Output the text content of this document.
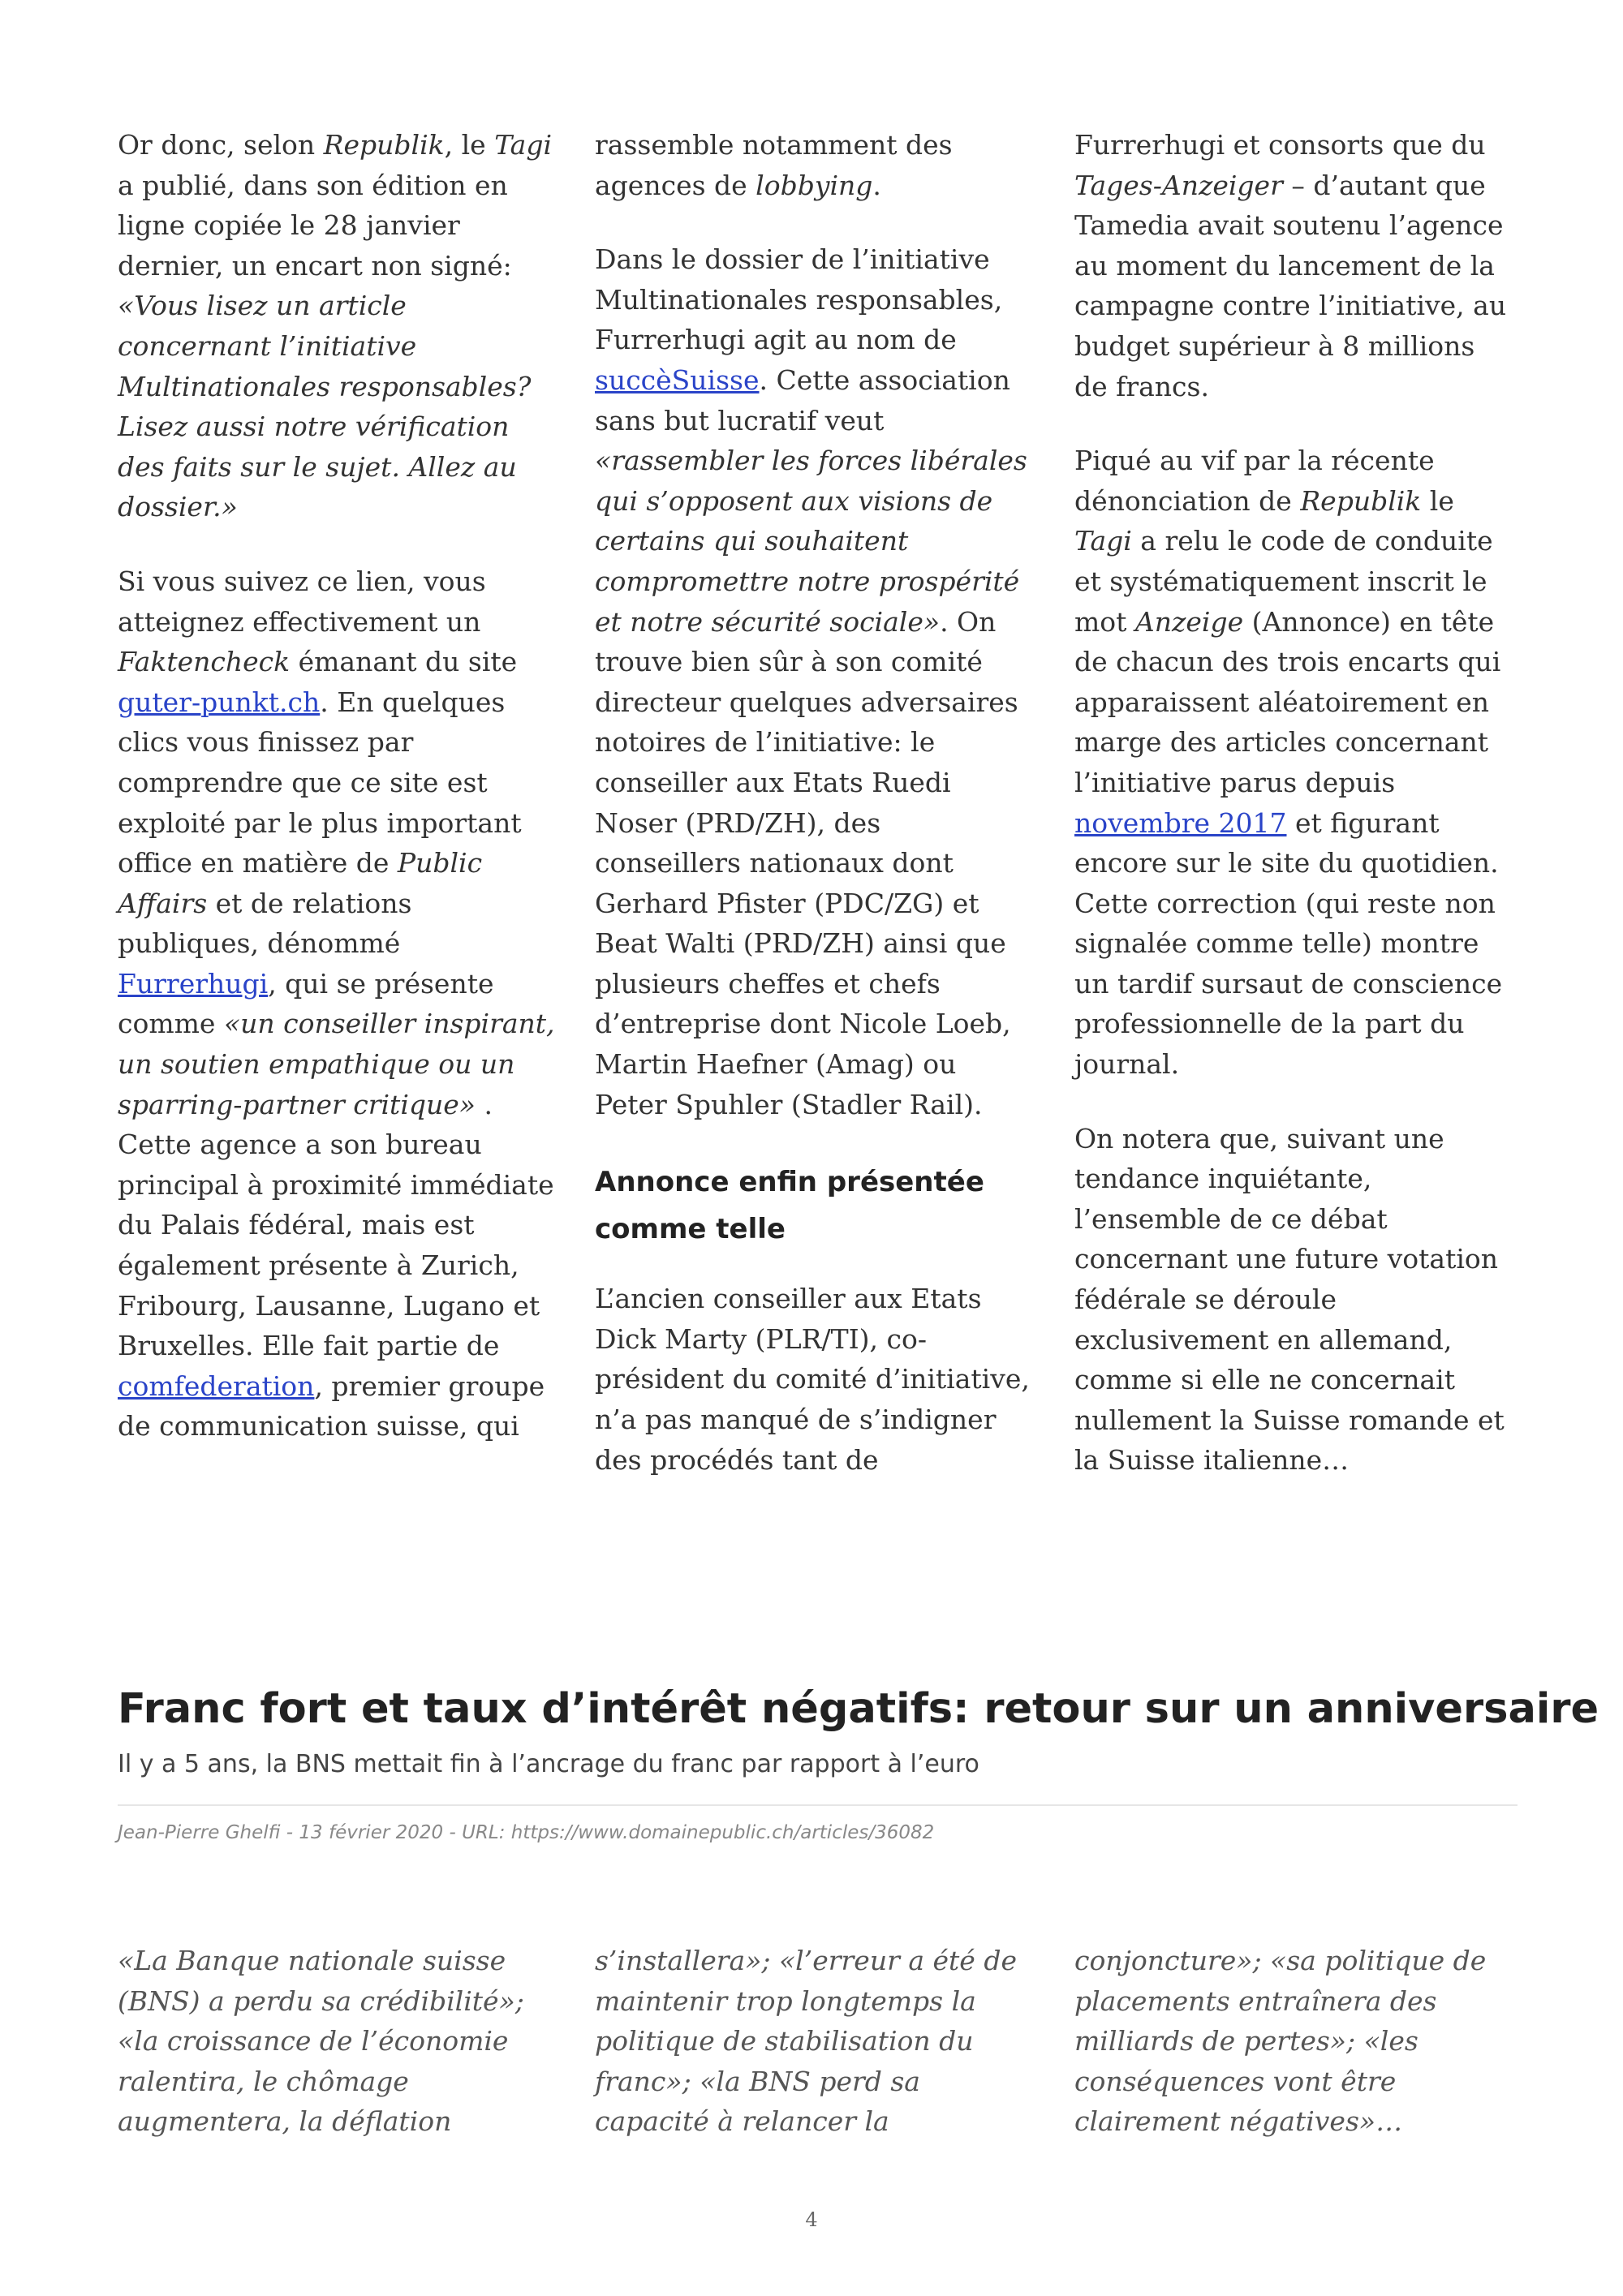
Or donc, selon Republik, le Tagi a publié, dans son édition en ligne copiée le 28 janvier dernier, un encart non signé: «Vous lisez un article concernant l’initiative Multinationales responsables? Lisez aussi notre vérification des faits sur le sujet. Allez au dossier.»

Si vous suivez ce lien, vous atteignez effectivement un Faktencheck émanant du site guter-punkt.ch. En quelques clics vous finissez par comprendre que ce site est exploité par le plus important office en matière de Public Affairs et de relations publiques, dénommé Furrerhugi, qui se présente comme «un conseiller inspirant, un soutien empathique ou un sparring-partner critique» . Cette agence a son bureau principal à proximité immédiate du Palais fédéral, mais est également présente à Zurich, Fribourg, Lausanne, Lugano et Bruxelles. Elle fait partie de comfederation, premier groupe de communication suisse, qui

rassemble notamment des agences de lobbying.

Dans le dossier de l’initiative Multinationales responsables, Furrerhugi agit au nom de succèSuisse. Cette association sans but lucratif veut «rassembler les forces libérales qui s’opposent aux visions de certains qui souhaitent compromettre notre prospérité et notre sécurité sociale». On trouve bien sûr à son comité directeur quelques adversaires notoires de l’initiative: le conseiller aux Etats Ruedi Noser (PRD/ZH), des conseillers nationaux dont Gerhard Pfister (PDC/ZG) et Beat Walti (PRD/ZH) ainsi que plusieurs cheffes et chefs d’entreprise dont Nicole Loeb, Martin Haefner (Amag) ou Peter Spuhler (Stadler Rail).

Annonce enfin présentée comme telle

L’ancien conseiller aux Etats Dick Marty (PLR/TI), co-président du comité d’initiative, n’a pas manqué de s’indigner des procédés tant de

Furrerhugi et consorts que du Tages-Anzeiger – d’autant que Tamedia avait soutenu l’agence au moment du lancement de la campagne contre l’initiative, au budget supérieur à 8 millions de francs.

Piqué au vif par la récente dénonciation de Republik le Tagi a relu le code de conduite et systématiquement inscrit le mot Anzeige (Annonce) en tête de chacun des trois encarts qui apparaissent aléatoirement en marge des articles concernant l’initiative parus depuis novembre 2017 et figurant encore sur le site du quotidien. Cette correction (qui reste non signalée comme telle) montre un tardif sursaut de conscience professionnelle de la part du journal.

On notera que, suivant une tendance inquiétante, l’ensemble de ce débat concernant une future votation fédérale se déroule exclusivement en allemand, comme si elle ne concernait nullement la Suisse romande et la Suisse italienne…

Franc fort et taux d’intérêt négatifs: retour sur un anniversaire
Il y a 5 ans, la BNS mettait fin à l’ancrage du franc par rapport à l’euro
Jean-Pierre Ghelfi - 13 février 2020 - URL: https://www.domainepublic.ch/articles/36082
«La Banque nationale suisse (BNS) a perdu sa crédibilité»; «la croissance de l’économie ralentira, le chômage augmentera, la déflation
s’installera»; «l’erreur a été de maintenir trop longtemps la politique de stabilisation du franc»; «la BNS perd sa capacité à relancer la
conjoncture»; «sa politique de placements entraînera des milliards de pertes»; «les conséquences vont être clairement négatives»…
4
